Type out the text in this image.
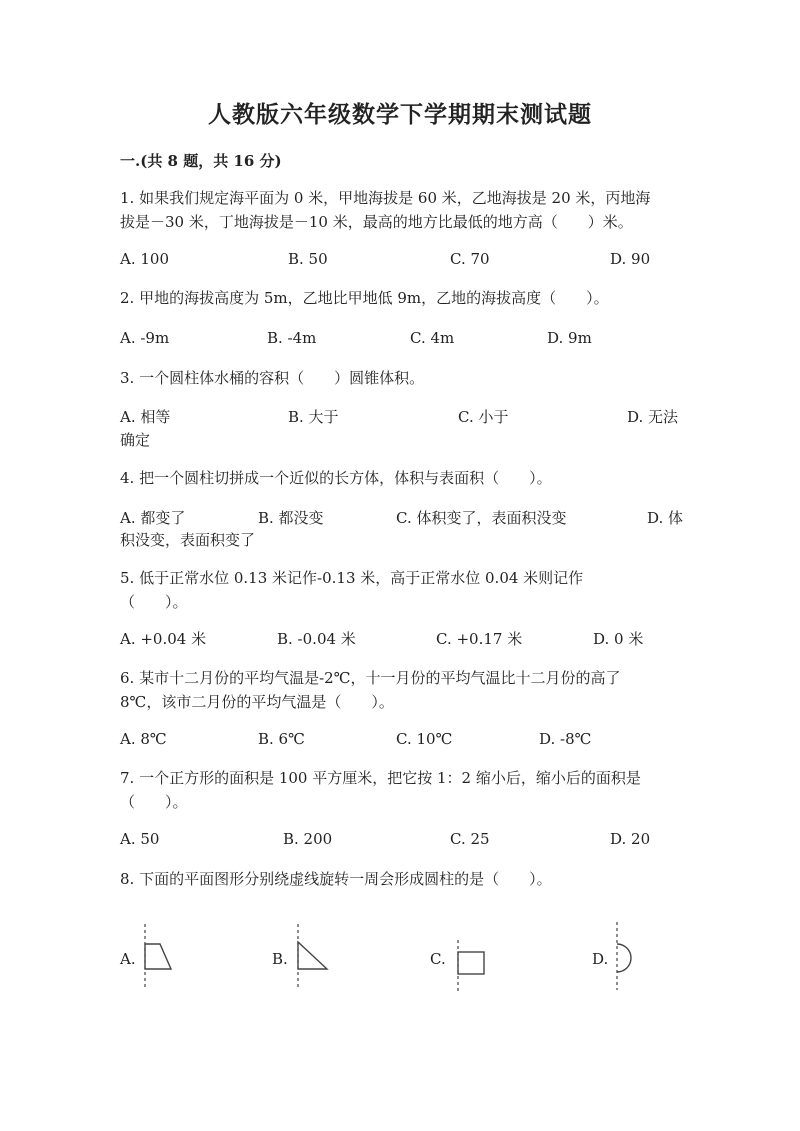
人教版六年级数学下学期期末测试题
一.(共 8 题，共 16 分)
1. 如果我们规定海平面为 0 米，甲地海拔是 60 米，乙地海拔是 20 米，丙地海
拔是－30 米，丁地海拔是－10 米，最高的地方比最低的地方高（　　）米。
A. 100	B. 50	C. 70	D. 90
2. 甲地的海拔高度为 5m，乙地比甲地低 9m，乙地的海拔高度（　　）。
A. -9m	B. -4m	C. 4m	D. 9m
3. 一个圆柱体水桶的容积（　　）圆锥体积。
A. 相等	B. 大于	C. 小于	D. 无法
确定
4. 把一个圆柱切拼成一个近似的长方体，体积与表面积（　　）。
A. 都变了	B. 都没变	C. 体积变了，表面积没变	D. 体
积没变，表面积变了
5. 低于正常水位 0.13 米记作-0.13 米，高于正常水位 0.04 米则记作
（　　）。
A. +0.04 米	B. -0.04 米	C. +0.17 米	D. 0 米
6. 某市十二月份的平均气温是-2℃，十一月份的平均气温比十二月份的高了
8℃，该市二月份的平均气温是（　　）。
A. 8℃	B. 6℃	C. 10℃	D. -8℃
7. 一个正方形的面积是 100 平方厘米，把它按 1：2 缩小后，缩小后的面积是
（　　）。
A. 50	B. 200	C. 25	D. 20
8. 下面的平面图形分别绕虚线旋转一周会形成圆柱的是（　　）。
A.	B.	C.	D.
